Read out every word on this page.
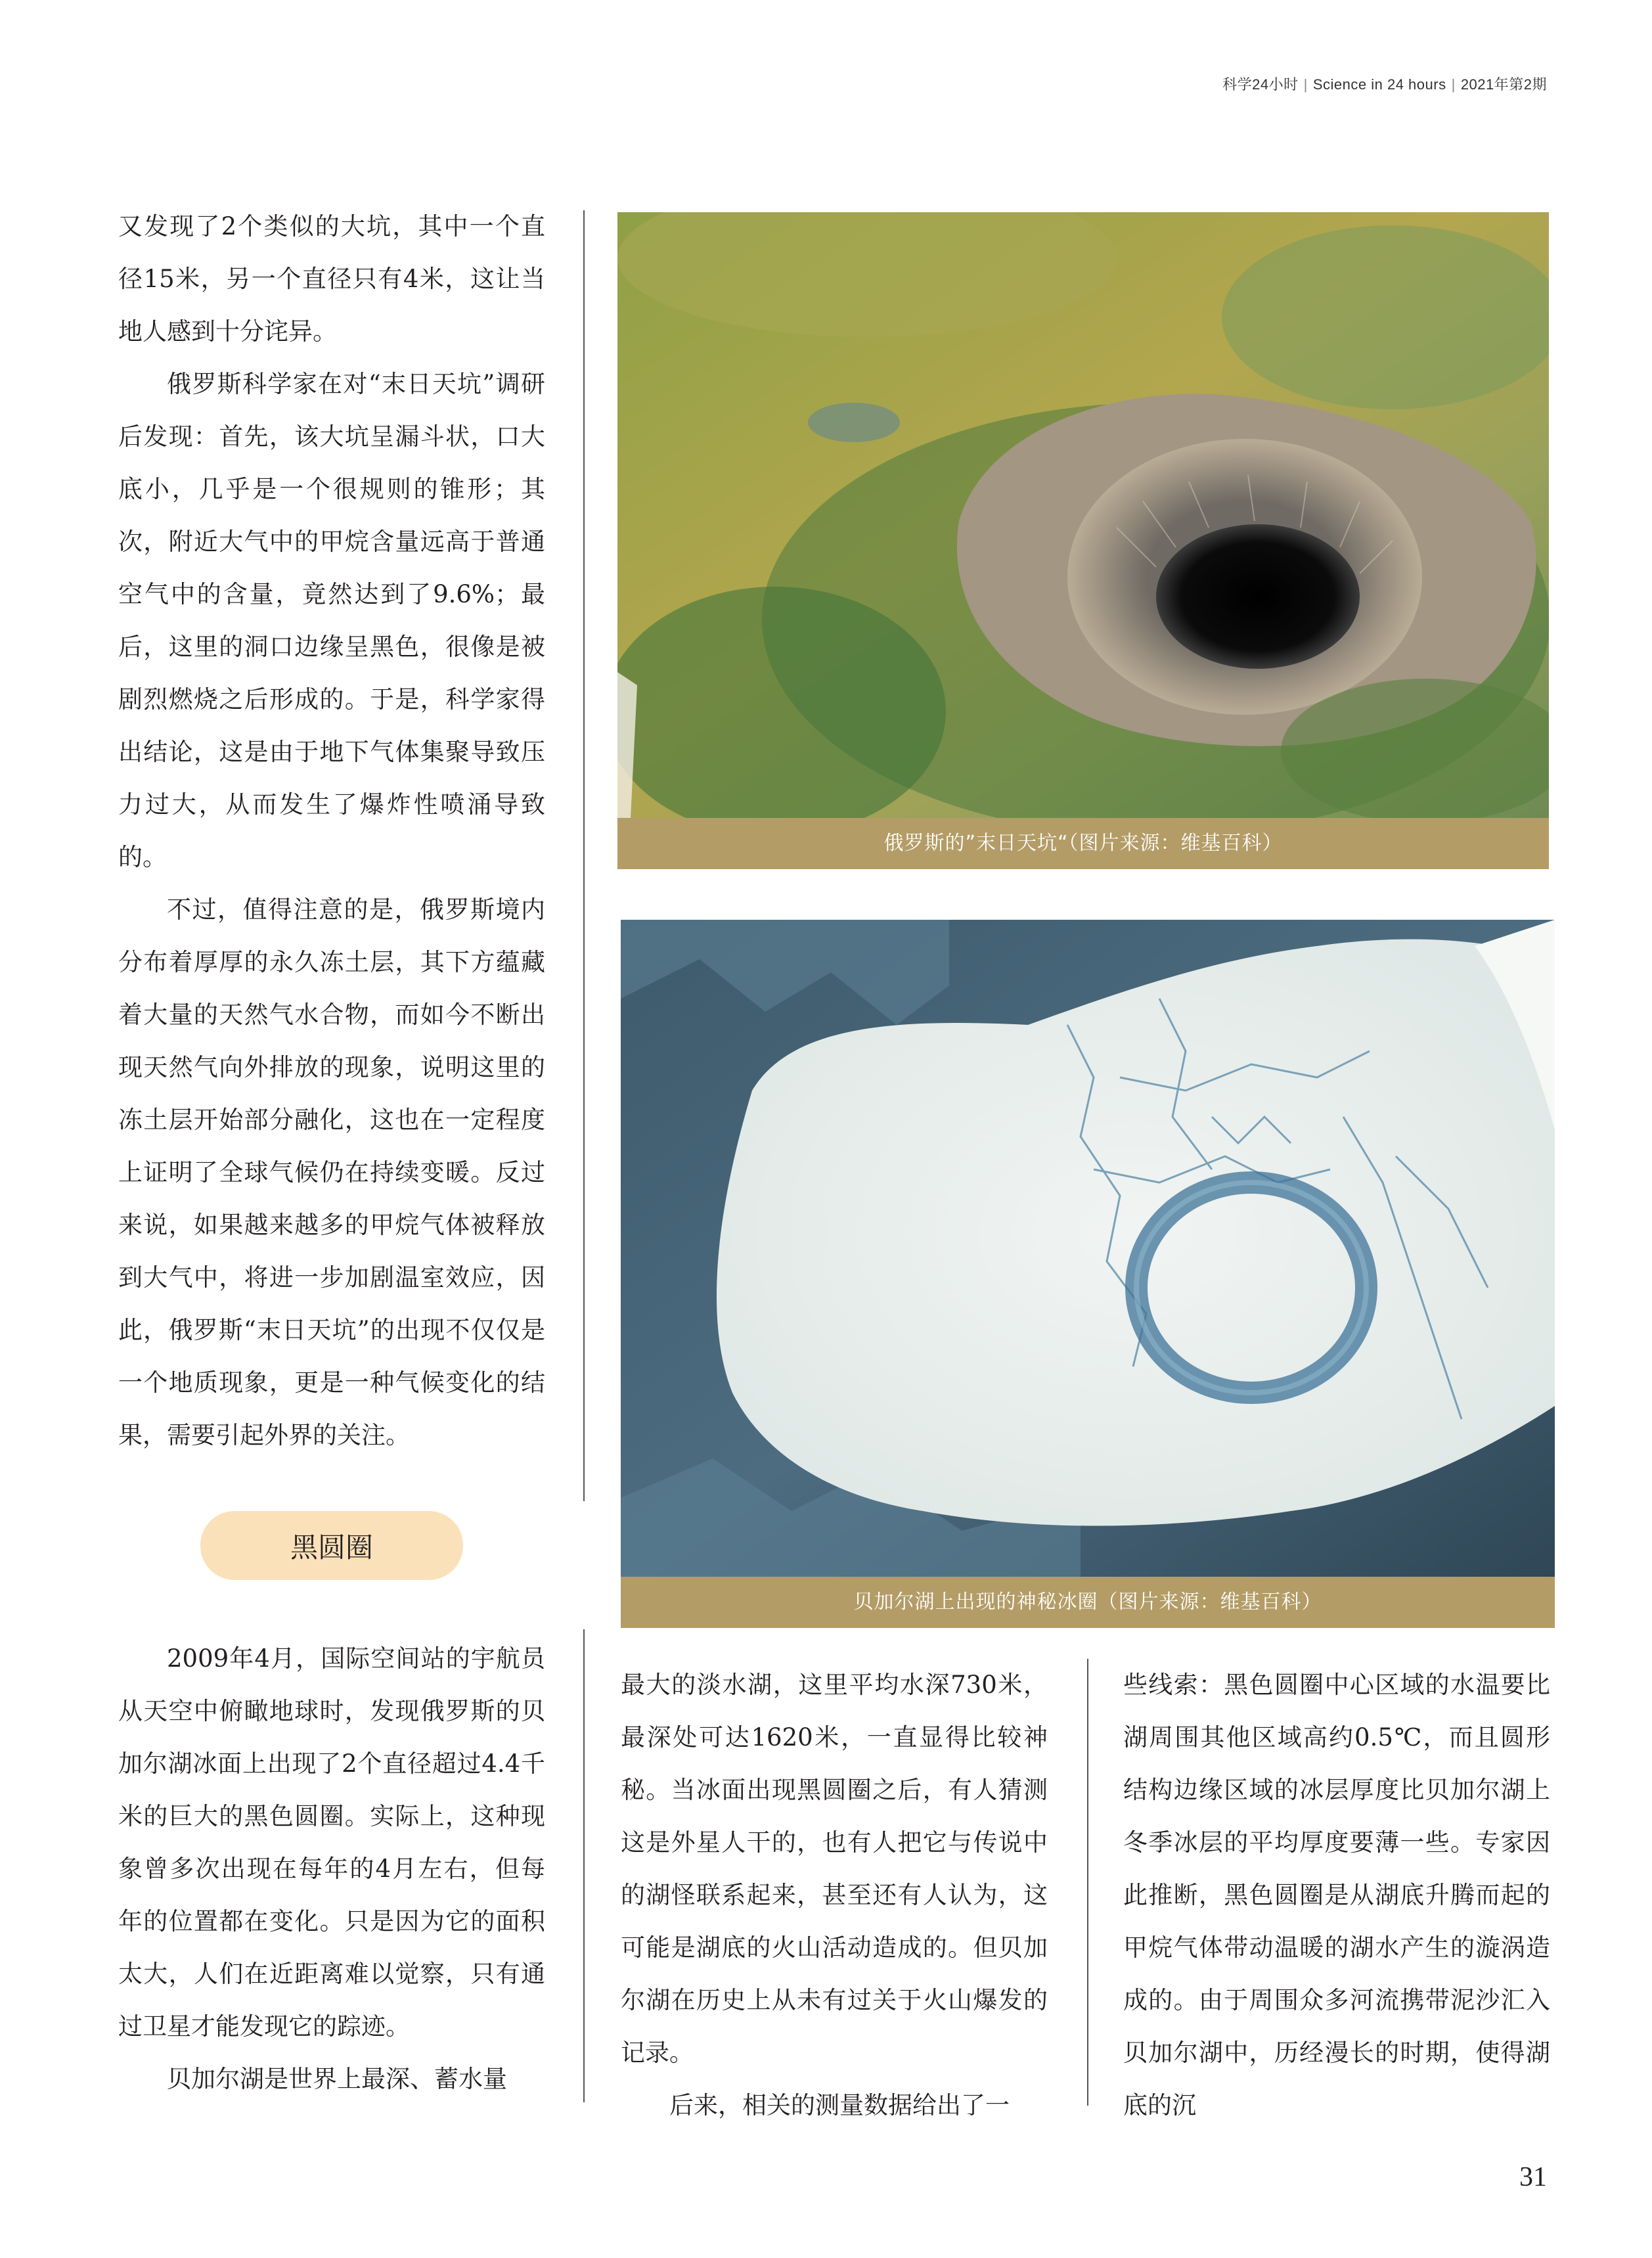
科学24小时 | Science in 24 hours | 2021年第2期

又发现了2个类似的大坑，其中一个直径15米，另一个直径只有4米，这让当地人感到十分诧异。

俄罗斯科学家在对“末日天坑”调研后发现：首先，该大坑呈漏斗状，口大底小，几乎是一个很规则的锥形；其次，附近大气中的甲烷含量远高于普通空气中的含量，竟然达到了9.6%；最后，这里的洞口边缘呈黑色，很像是被剧烈燃烧之后形成的。于是，科学家得出结论，这是由于地下气体集聚导致压力过大，从而发生了爆炸性喷涌导致的。

不过，值得注意的是，俄罗斯境内分布着厚厚的永久冻土层，其下方蕴藏着大量的天然气水合物，而如今不断出现天然气向外排放的现象，说明这里的冻土层开始部分融化，这也在一定程度上证明了全球气候仍在持续变暖。反过来说，如果越来越多的甲烷气体被释放到大气中，将进一步加剧温室效应，因此，俄罗斯“末日天坑”的出现不仅仅是一个地质现象，更是一种气候变化的结果，需要引起外界的关注。

黑圆圈

2009年4月，国际空间站的宇航员从天空中俯瞰地球时，发现俄罗斯的贝加尔湖冰面上出现了2个直径超过4.4千米的巨大的黑色圆圈。实际上，这种现象曾多次出现在每年的4月左右，但每年的位置都在变化。只是因为它的面积太大，人们在近距离难以觉察，只有通过卫星才能发现它的踪迹。

贝加尔湖是世界上最深、蓄水量

俄罗斯的”末日天坑“（图片来源：维基百科）
贝加尔湖上出现的神秘冰圈（图片来源：维基百科）

最大的淡水湖，这里平均水深730米，最深处可达1620米，一直显得比较神秘。当冰面出现黑圆圈之后，有人猜测这是外星人干的，也有人把它与传说中的湖怪联系起来，甚至还有人认为，这可能是湖底的火山活动造成的。但贝加尔湖在历史上从未有过关于火山爆发的记录。

后来，相关的测量数据给出了一

些线索：黑色圆圈中心区域的水温要比湖周围其他区域高约0.5℃，而且圆形结构边缘区域的冰层厚度比贝加尔湖上冬季冰层的平均厚度要薄一些。专家因此推断，黑色圆圈是从湖底升腾而起的甲烷气体带动温暖的湖水产生的漩涡造成的。由于周围众多河流携带泥沙汇入贝加尔湖中，历经漫长的时期，使得湖底的沉

31
